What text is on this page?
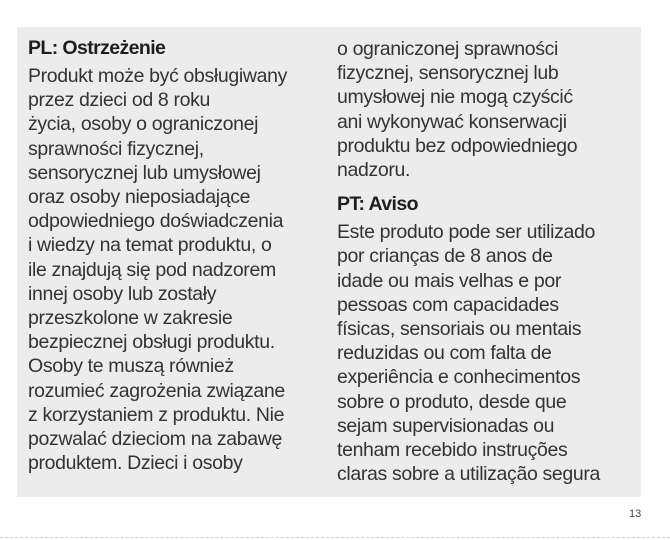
PL: Ostrzeżenie
Produkt może być obsługiwany
przez dzieci od 8 roku
życia, osoby o ograniczonej
sprawności fizycznej,
sensorycznej lub umysłowej
oraz osoby nieposiadające
odpowiedniego doświadczenia
i wiedzy na temat produktu, o
ile znajdują się pod nadzorem
innej osoby lub zostały
przeszkolone w zakresie
bezpiecznej obsługi produktu.
Osoby te muszą również
rozumieć zagrożenia związane
z korzystaniem z produktu. Nie
pozwalać dzieciom na zabawę
produktem. Dzieci i osoby
o ograniczonej sprawności
fizycznej, sensorycznej lub
umysłowej nie mogą czyścić
ani wykonywać konserwacji
produktu bez odpowiedniego
nadzoru.
PT: Aviso
Este produto pode ser utilizado
por crianças de 8 anos de
idade ou mais velhas e por
pessoas com capacidades
físicas, sensoriais ou mentais
reduzidas ou com falta de
experiência e conhecimentos
sobre o produto, desde que
sejam supervisionadas ou
tenham recebido instruções
claras sobre a utilização segura
13
